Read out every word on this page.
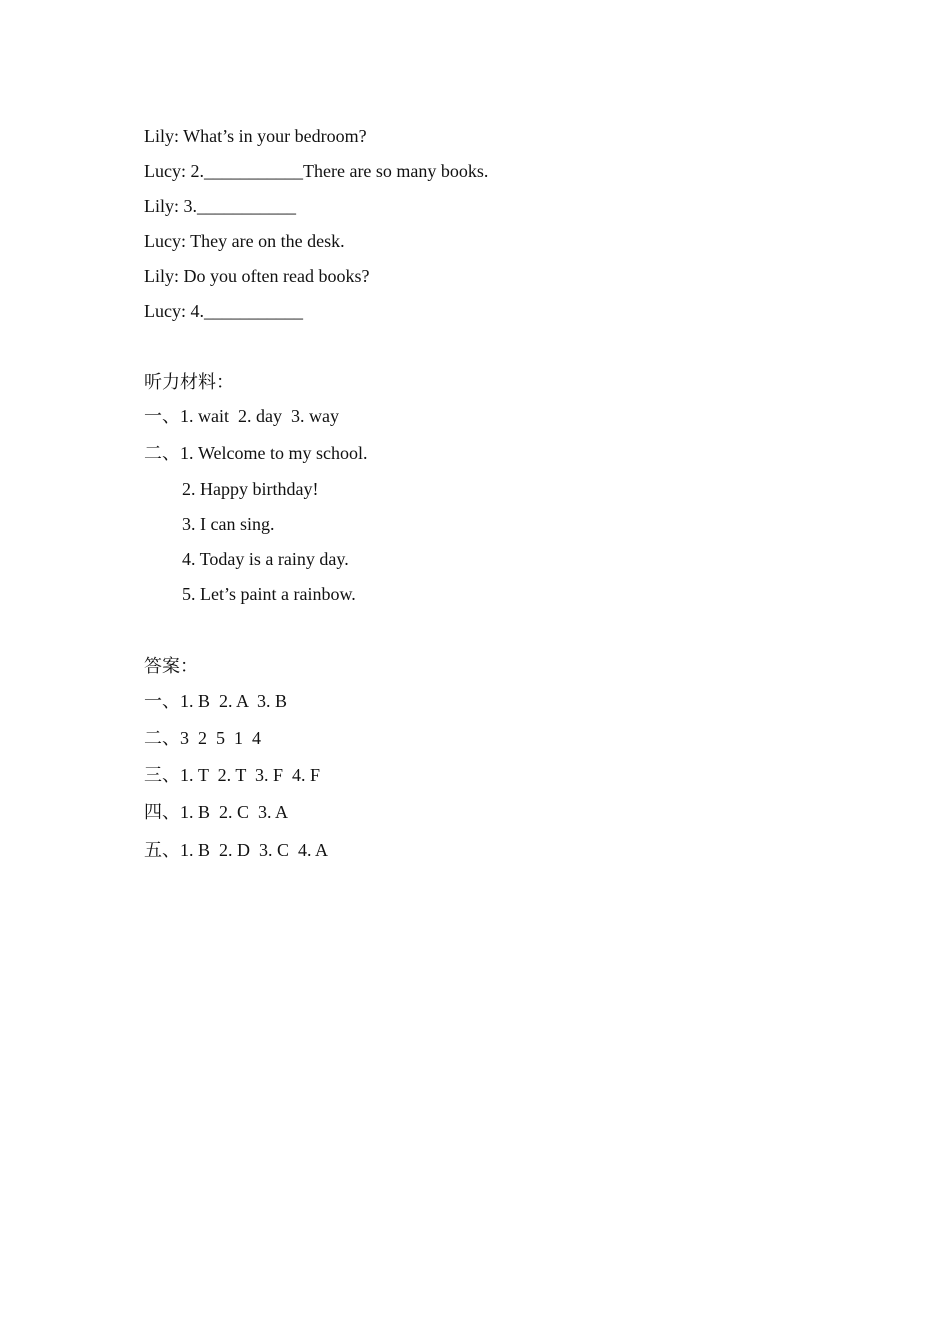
Lily: What’s in your bedroom?
Lucy: 2.___________There are so many books.
Lily: 3.___________
Lucy: They are on the desk.
Lily: Do you often read books?
Lucy: 4.___________
听力材料：
一、1. wait  2. day  3. way
二、1. Welcome to my school.
2. Happy birthday!
3. I can sing.
4. Today is a rainy day.
5. Let’s paint a rainbow.
答案：
一、1. B  2. A  3. B
二、3  2  5  1  4
三、1. T  2. T  3. F  4. F
四、1. B  2. C  3. A
五、1. B  2. D  3. C  4. A
